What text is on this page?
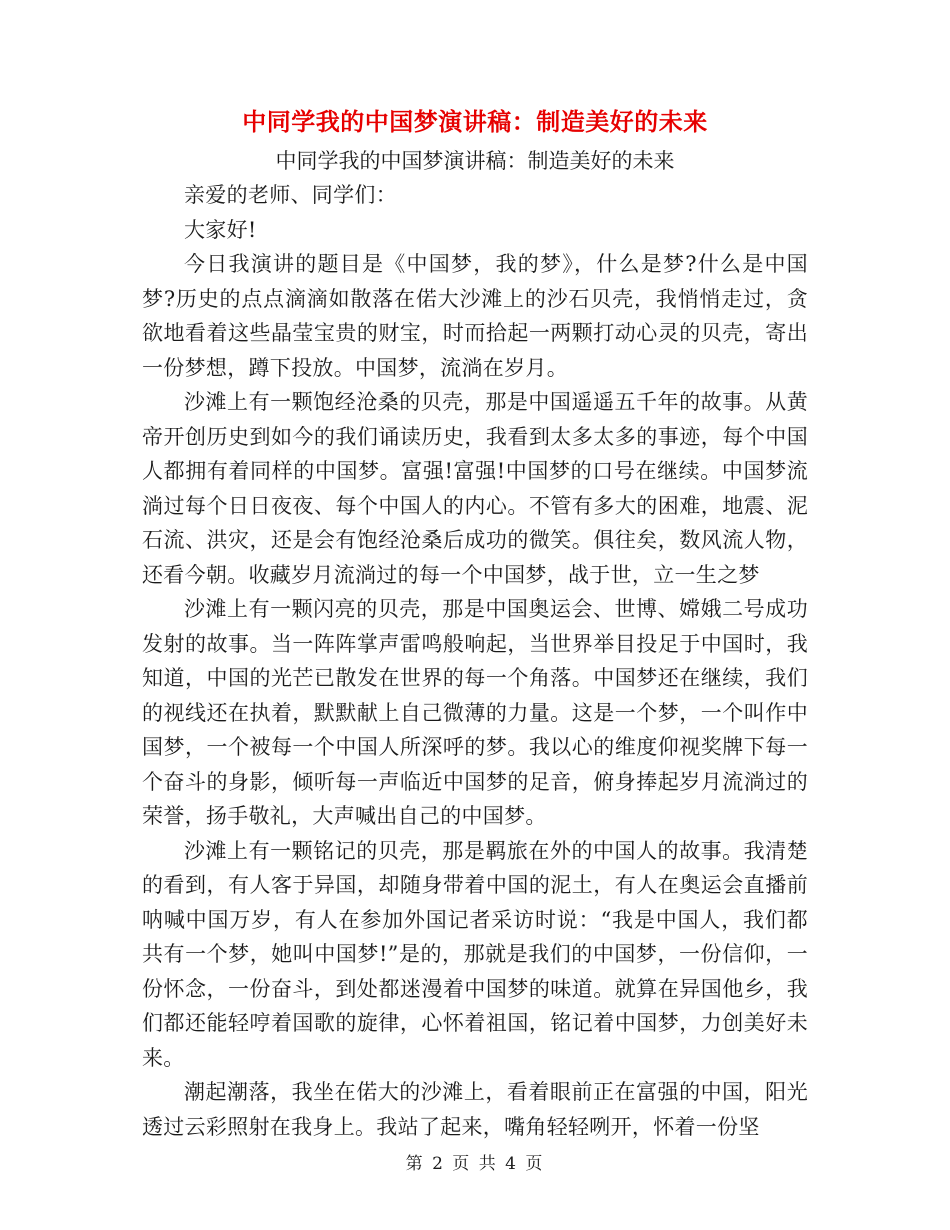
中同学我的中国梦演讲稿：制造美好的未来

中同学我的中国梦演讲稿：制造美好的未来

亲爱的老师、同学们：

大家好!

今日我演讲的题目是《中国梦，我的梦》，什么是梦?什么是中国梦?历史的点点滴滴如散落在偌大沙滩上的沙石贝壳，我悄悄走过，贪欲地看着这些晶莹宝贵的财宝，时而拾起一两颗打动心灵的贝壳，寄出一份梦想，蹲下投放。中国梦，流淌在岁月。

沙滩上有一颗饱经沧桑的贝壳，那是中国遥遥五千年的故事。从黄帝开创历史到如今的我们诵读历史，我看到太多太多的事迹，每个中国人都拥有着同样的中国梦。富强!富强!中国梦的口号在继续。中国梦流淌过每个日日夜夜、每个中国人的内心。不管有多大的困难，地震、泥石流、洪灾，还是会有饱经沧桑后成功的微笑。俱往矣，数风流人物，还看今朝。收藏岁月流淌过的每一个中国梦，战于世，立一生之梦

沙滩上有一颗闪亮的贝壳，那是中国奥运会、世博、嫦娥二号成功发射的故事。当一阵阵掌声雷鸣般响起，当世界举目投足于中国时，我知道，中国的光芒已散发在世界的每一个角落。中国梦还在继续，我们的视线还在执着，默默献上自己微薄的力量。这是一个梦，一个叫作中国梦，一个被每一个中国人所深呼的梦。我以心的维度仰视奖牌下每一个奋斗的身影，倾听每一声临近中国梦的足音，俯身捧起岁月流淌过的荣誉，扬手敬礼，大声喊出自己的中国梦。

沙滩上有一颗铭记的贝壳，那是羁旅在外的中国人的故事。我清楚的看到，有人客于异国，却随身带着中国的泥土，有人在奥运会直播前呐喊中国万岁，有人在参加外国记者采访时说：“我是中国人，我们都共有一个梦，她叫中国梦!”是的，那就是我们的中国梦，一份信仰，一份怀念，一份奋斗，到处都迷漫着中国梦的味道。就算在异国他乡，我们都还能轻哼着国歌的旋律，心怀着祖国，铭记着中国梦，力创美好未来。

潮起潮落，我坐在偌大的沙滩上，看着眼前正在富强的中国，阳光透过云彩照射在我身上。我站了起来，嘴角轻轻咧开，怀着一份坚

第 2 页 共 4 页
